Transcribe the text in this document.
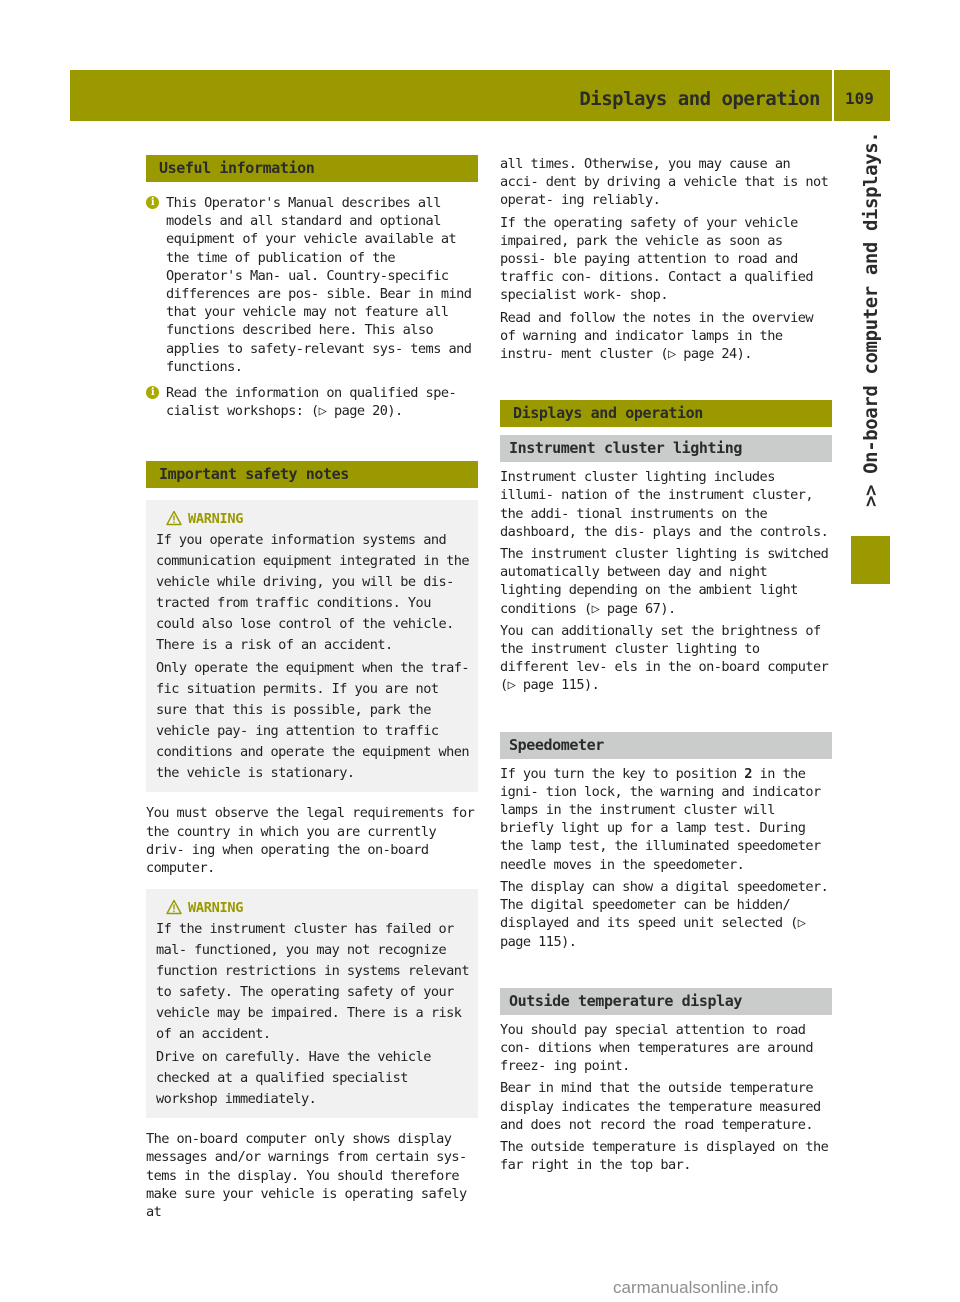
Displays and operation 109
>> On-board computer and displays.
Useful information
i This Operator's Manual describes all models and all standard and optional equipment of your vehicle available at the time of publication of the Operator's Man- ual. Country-specific differences are pos- sible. Bear in mind that your vehicle may not feature all functions described here. This also applies to safety-relevant sys- tems and functions.
i Read the information on qualified spe- cialist workshops: (▷ page 20).
Important safety notes
WARNING

If you operate information systems and communication equipment integrated in the vehicle while driving, you will be dis- tracted from traffic conditions. You could also lose control of the vehicle. There is a risk of an accident.

Only operate the equipment when the traf- fic situation permits. If you are not sure that this is possible, park the vehicle pay- ing attention to traffic conditions and operate the equipment when the vehicle is stationary.

You must observe the legal requirements for the country in which you are currently driv- ing when operating the on-board computer.

WARNING

If the instrument cluster has failed or mal- functioned, you may not recognize function restrictions in systems relevant to safety. The operating safety of your vehicle may be impaired. There is a risk of an accident.

Drive on carefully. Have the vehicle checked at a qualified specialist workshop immediately.

The on-board computer only shows display messages and/or warnings from certain sys- tems in the display. You should therefore make sure your vehicle is operating safely at

all times. Otherwise, you may cause an acci- dent by driving a vehicle that is not operat- ing reliably.

If the operating safety of your vehicle impaired, park the vehicle as soon as possi- ble paying attention to road and traffic con- ditions. Contact a qualified specialist work- shop.

Read and follow the notes in the overview of warning and indicator lamps in the instru- ment cluster (▷ page 24).

Displays and operation
Instrument cluster lighting

Instrument cluster lighting includes illumi- nation of the instrument cluster, the addi- tional instruments on the dashboard, the dis- plays and the controls.

The instrument cluster lighting is switched automatically between day and night lighting depending on the ambient light conditions (▷ page 67).

You can additionally set the brightness of the instrument cluster lighting to different lev- els in the on-board computer (▷ page 115).

Speedometer

If you turn the key to position 2 in the igni- tion lock, the warning and indicator lamps in the instrument cluster will briefly light up for a lamp test. During the lamp test, the illuminated speedometer needle moves in the speedometer.

The display can show a digital speedometer. The digital speedometer can be hidden/ displayed and its speed unit selected (▷ page 115).

Outside temperature display

You should pay special attention to road con- ditions when temperatures are around freez- ing point.

Bear in mind that the outside temperature display indicates the temperature measured and does not record the road temperature.

The outside temperature is displayed on the far right in the top bar.

carmanualsonline.info
